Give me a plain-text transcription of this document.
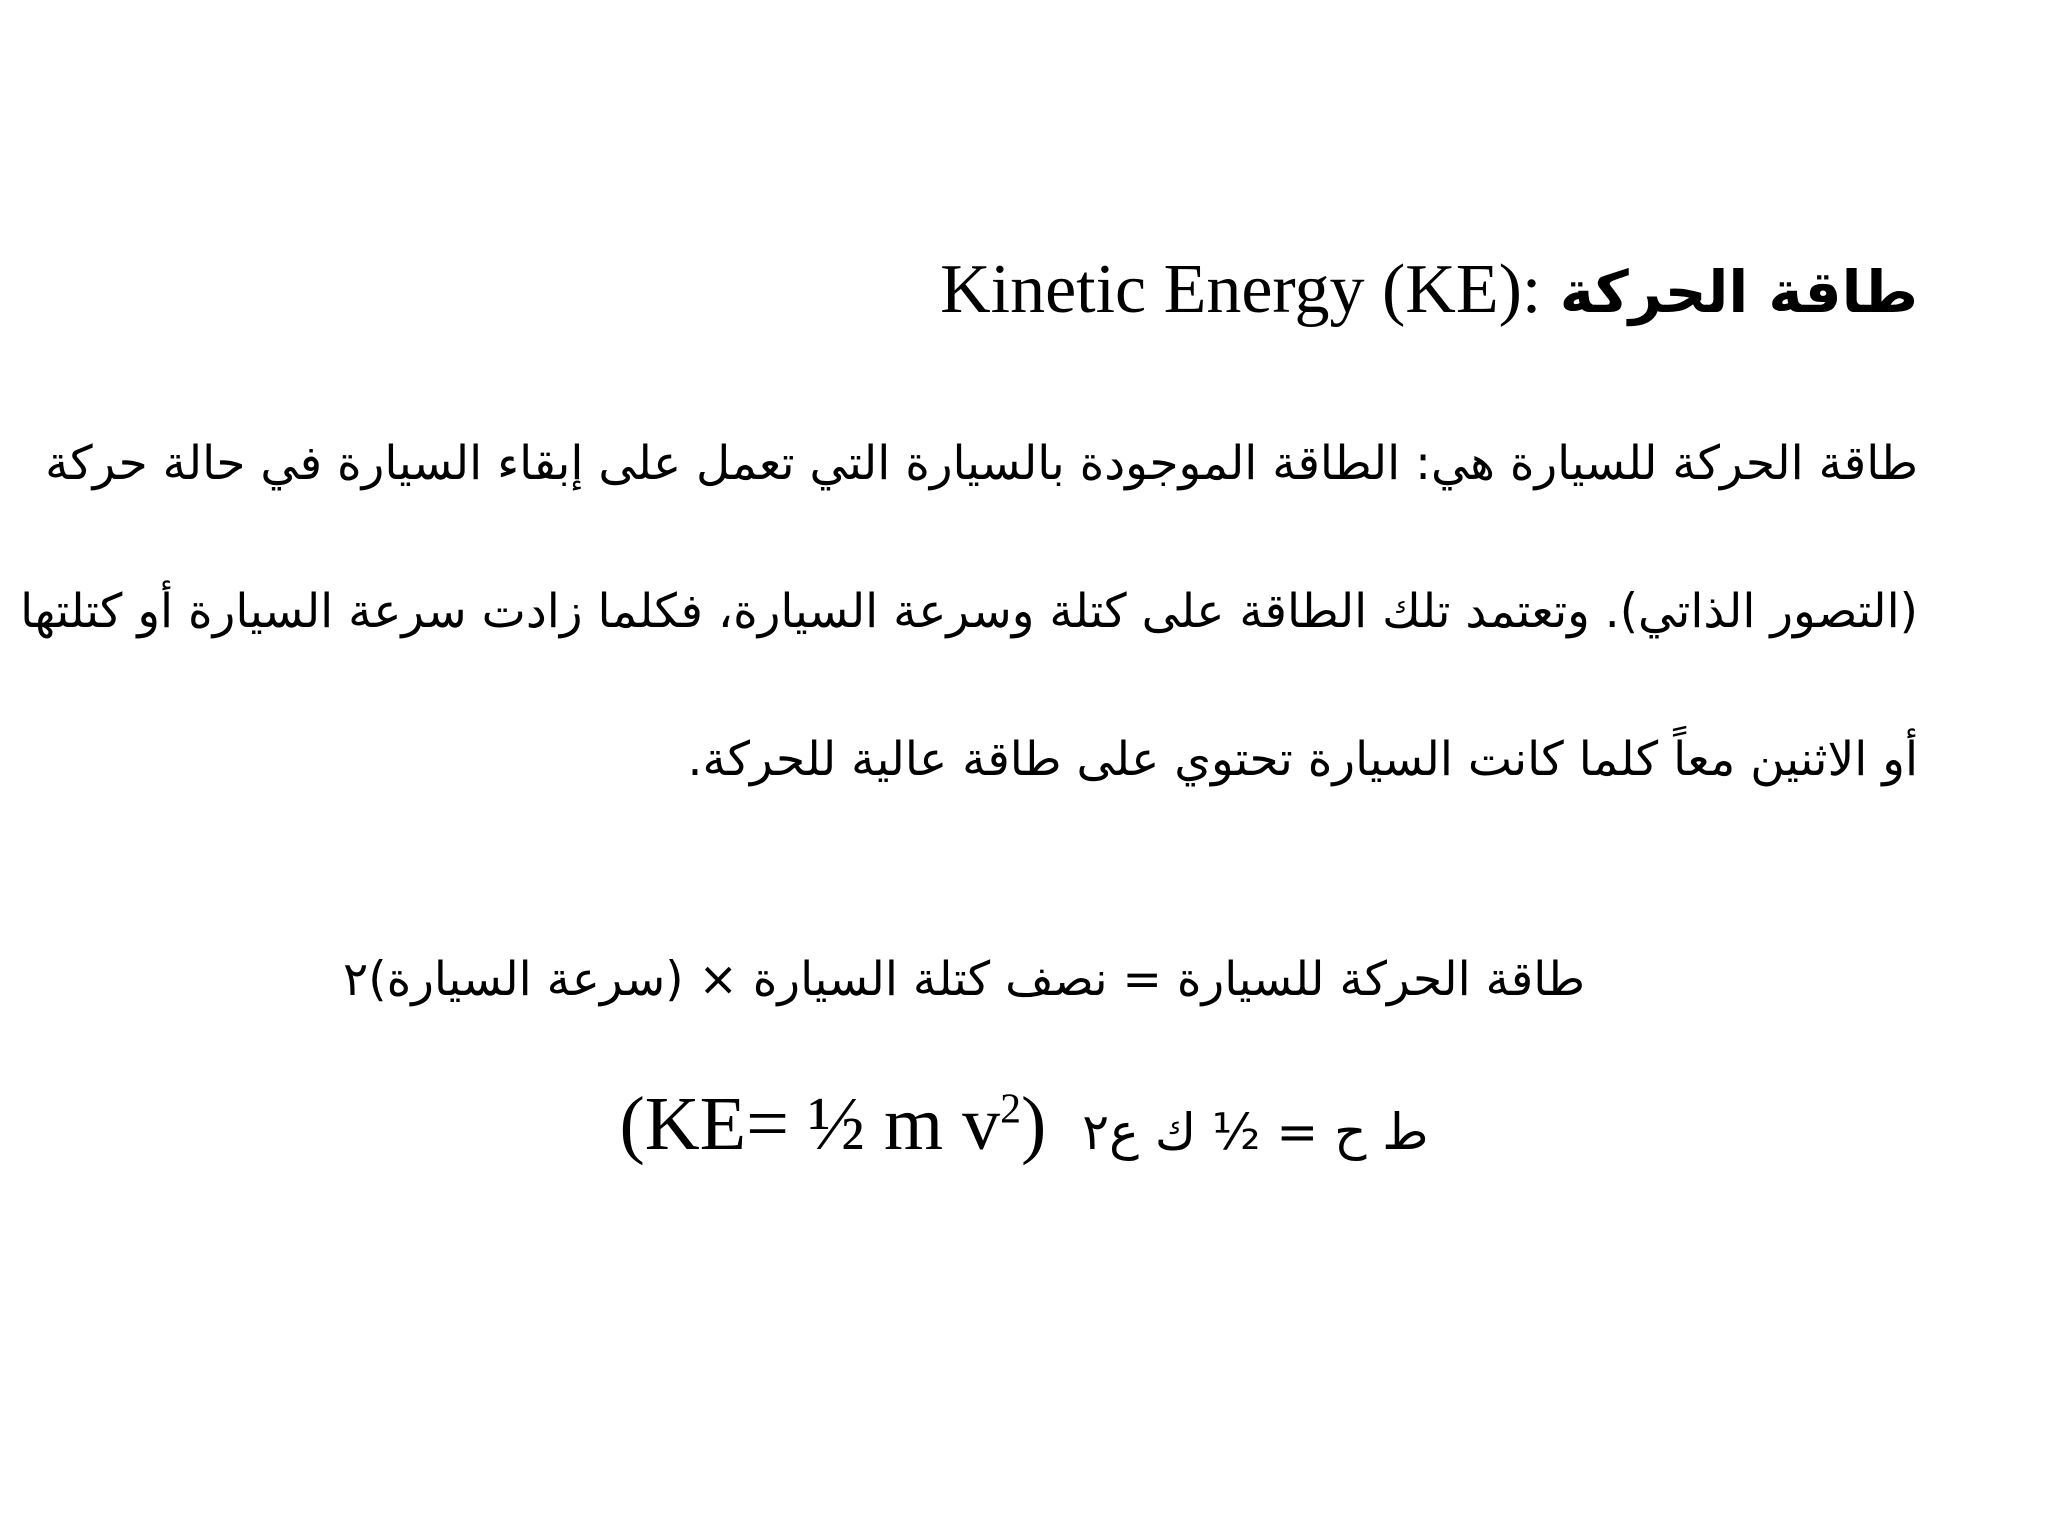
طاقة الحركة Kinetic Energy (KE):
طاقة الحركة للسيارة هي: الطاقة الموجودة بالسيارة التي تعمل على إبقاء السيارة في حالة حركة
(التصور الذاتي). وتعتمد تلك الطاقة على كتلة وسرعة السيارة، فكلما زادت سرعة السيارة أو كتلتها
أو الاثنين معاً كلما كانت السيارة تحتوي على طاقة عالية للحركة.
طاقة الحركة للسيارة = نصف كتلة السيارة × (سرعة السيارة)٢
(KE= ½ m $v^2$) ط ح = ½ ك ع٢
